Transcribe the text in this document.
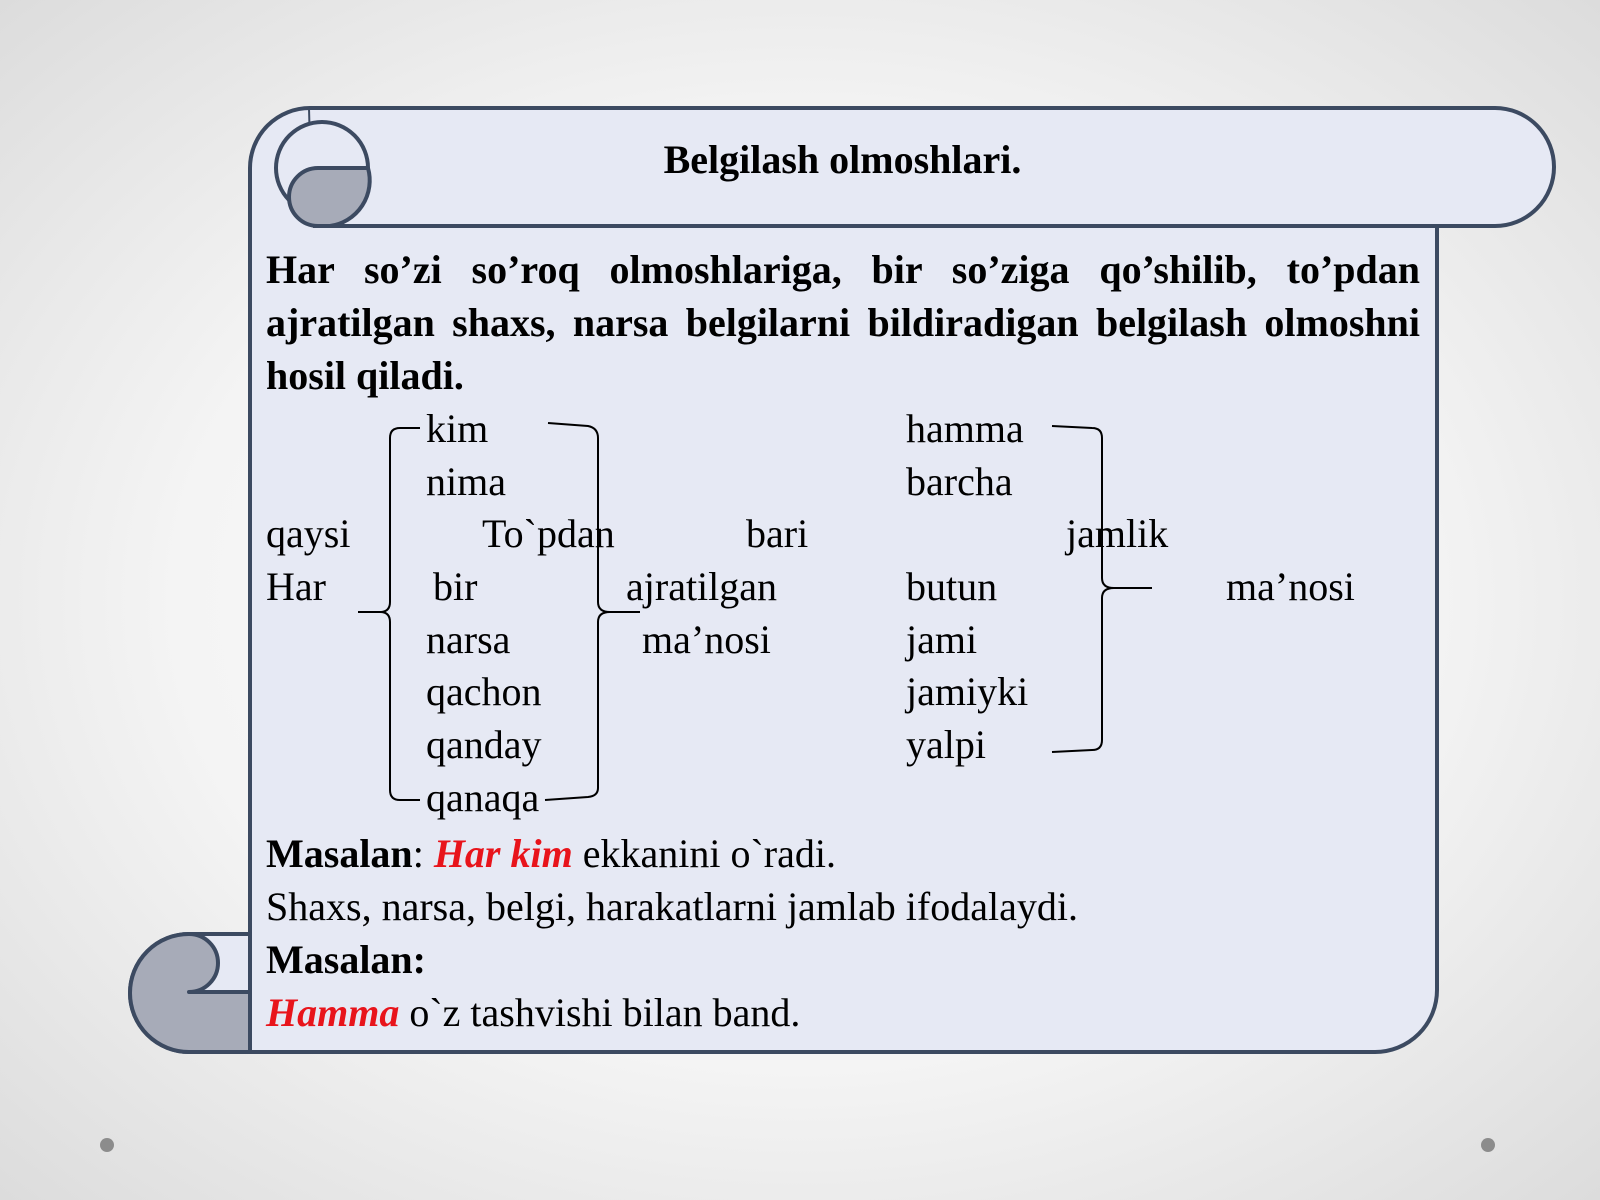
Belgilash olmoshlari.
Har so’zi so’roq olmoshlariga, bir so’ziga qo’shilib, to’pdan ajratilgan shaxs, narsa belgilarni bildiradigan belgilash olmoshni hosil qiladi.
qaysi
Har
kim
nima
bir
narsa
qachon
qanday
qanaqa
To`pdan
ajratilgan
ma’nosi
bari
hamma
barcha
butun
jami
jamiyki
yalpi
jamlik
ma’nosi
Masalan: Har kim ekkanini o`radi.
Shaxs, narsa, belgi, harakatlarni jamlab ifodalaydi.
Masalan:
Hamma o`z tashvishi bilan band.
